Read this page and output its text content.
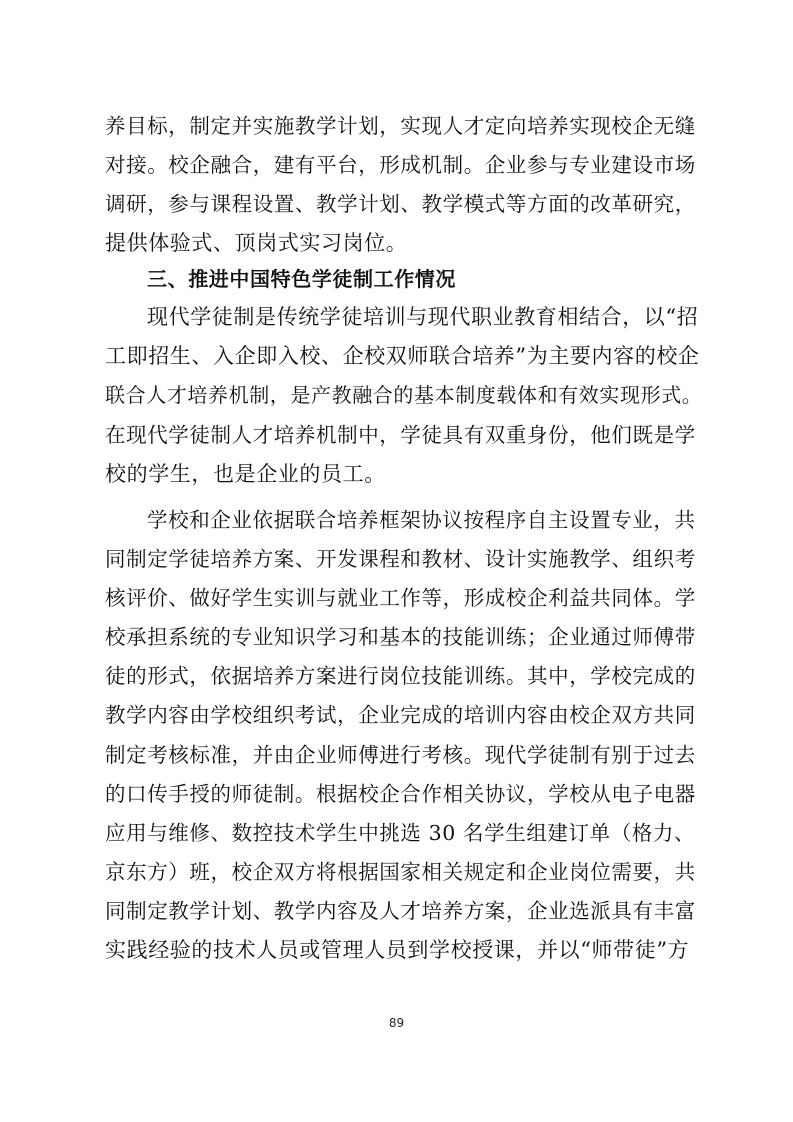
养目标，制定并实施教学计划，实现人才定向培养实现校企无缝
对接。校企融合，建有平台，形成机制。企业参与专业建设市场
调研，参与课程设置、教学计划、教学模式等方面的改革研究，
提供体验式、顶岗式实习岗位。
三、推进中国特色学徒制工作情况
现代学徒制是传统学徒培训与现代职业教育相结合，以“招
工即招生、入企即入校、企校双师联合培养”为主要内容的校企
联合人才培养机制，是产教融合的基本制度载体和有效实现形式。
在现代学徒制人才培养机制中，学徒具有双重身份，他们既是学
校的学生，也是企业的员工。
学校和企业依据联合培养框架协议按程序自主设置专业，共
同制定学徒培养方案、开发课程和教材、设计实施教学、组织考
核评价、做好学生实训与就业工作等，形成校企利益共同体。学
校承担系统的专业知识学习和基本的技能训练；企业通过师傅带
徒的形式，依据培养方案进行岗位技能训练。其中，学校完成的
教学内容由学校组织考试，企业完成的培训内容由校企双方共同
制定考核标准，并由企业师傅进行考核。现代学徒制有别于过去
的口传手授的师徒制。根据校企合作相关协议，学校从电子电器
应用与维修、数控技术学生中挑选 30 名学生组建订单（格力、
京东方）班，校企双方将根据国家相关规定和企业岗位需要，共
同制定教学计划、教学内容及人才培养方案，企业选派具有丰富
实践经验的技术人员或管理人员到学校授课，并以“师带徒”方
89
